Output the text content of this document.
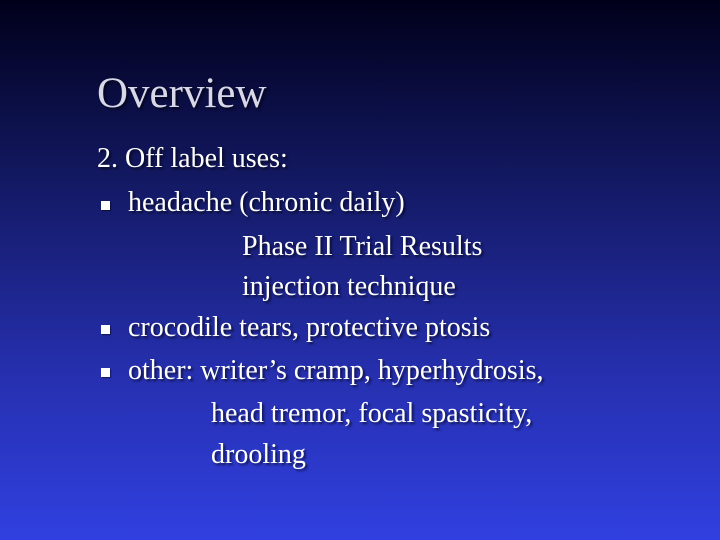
Overview
2. Off label uses:
headache (chronic daily)
Phase II Trial Results
injection technique
crocodile tears, protective ptosis
other: writer’s cramp, hyperhydrosis,
head tremor, focal spasticity,
drooling
